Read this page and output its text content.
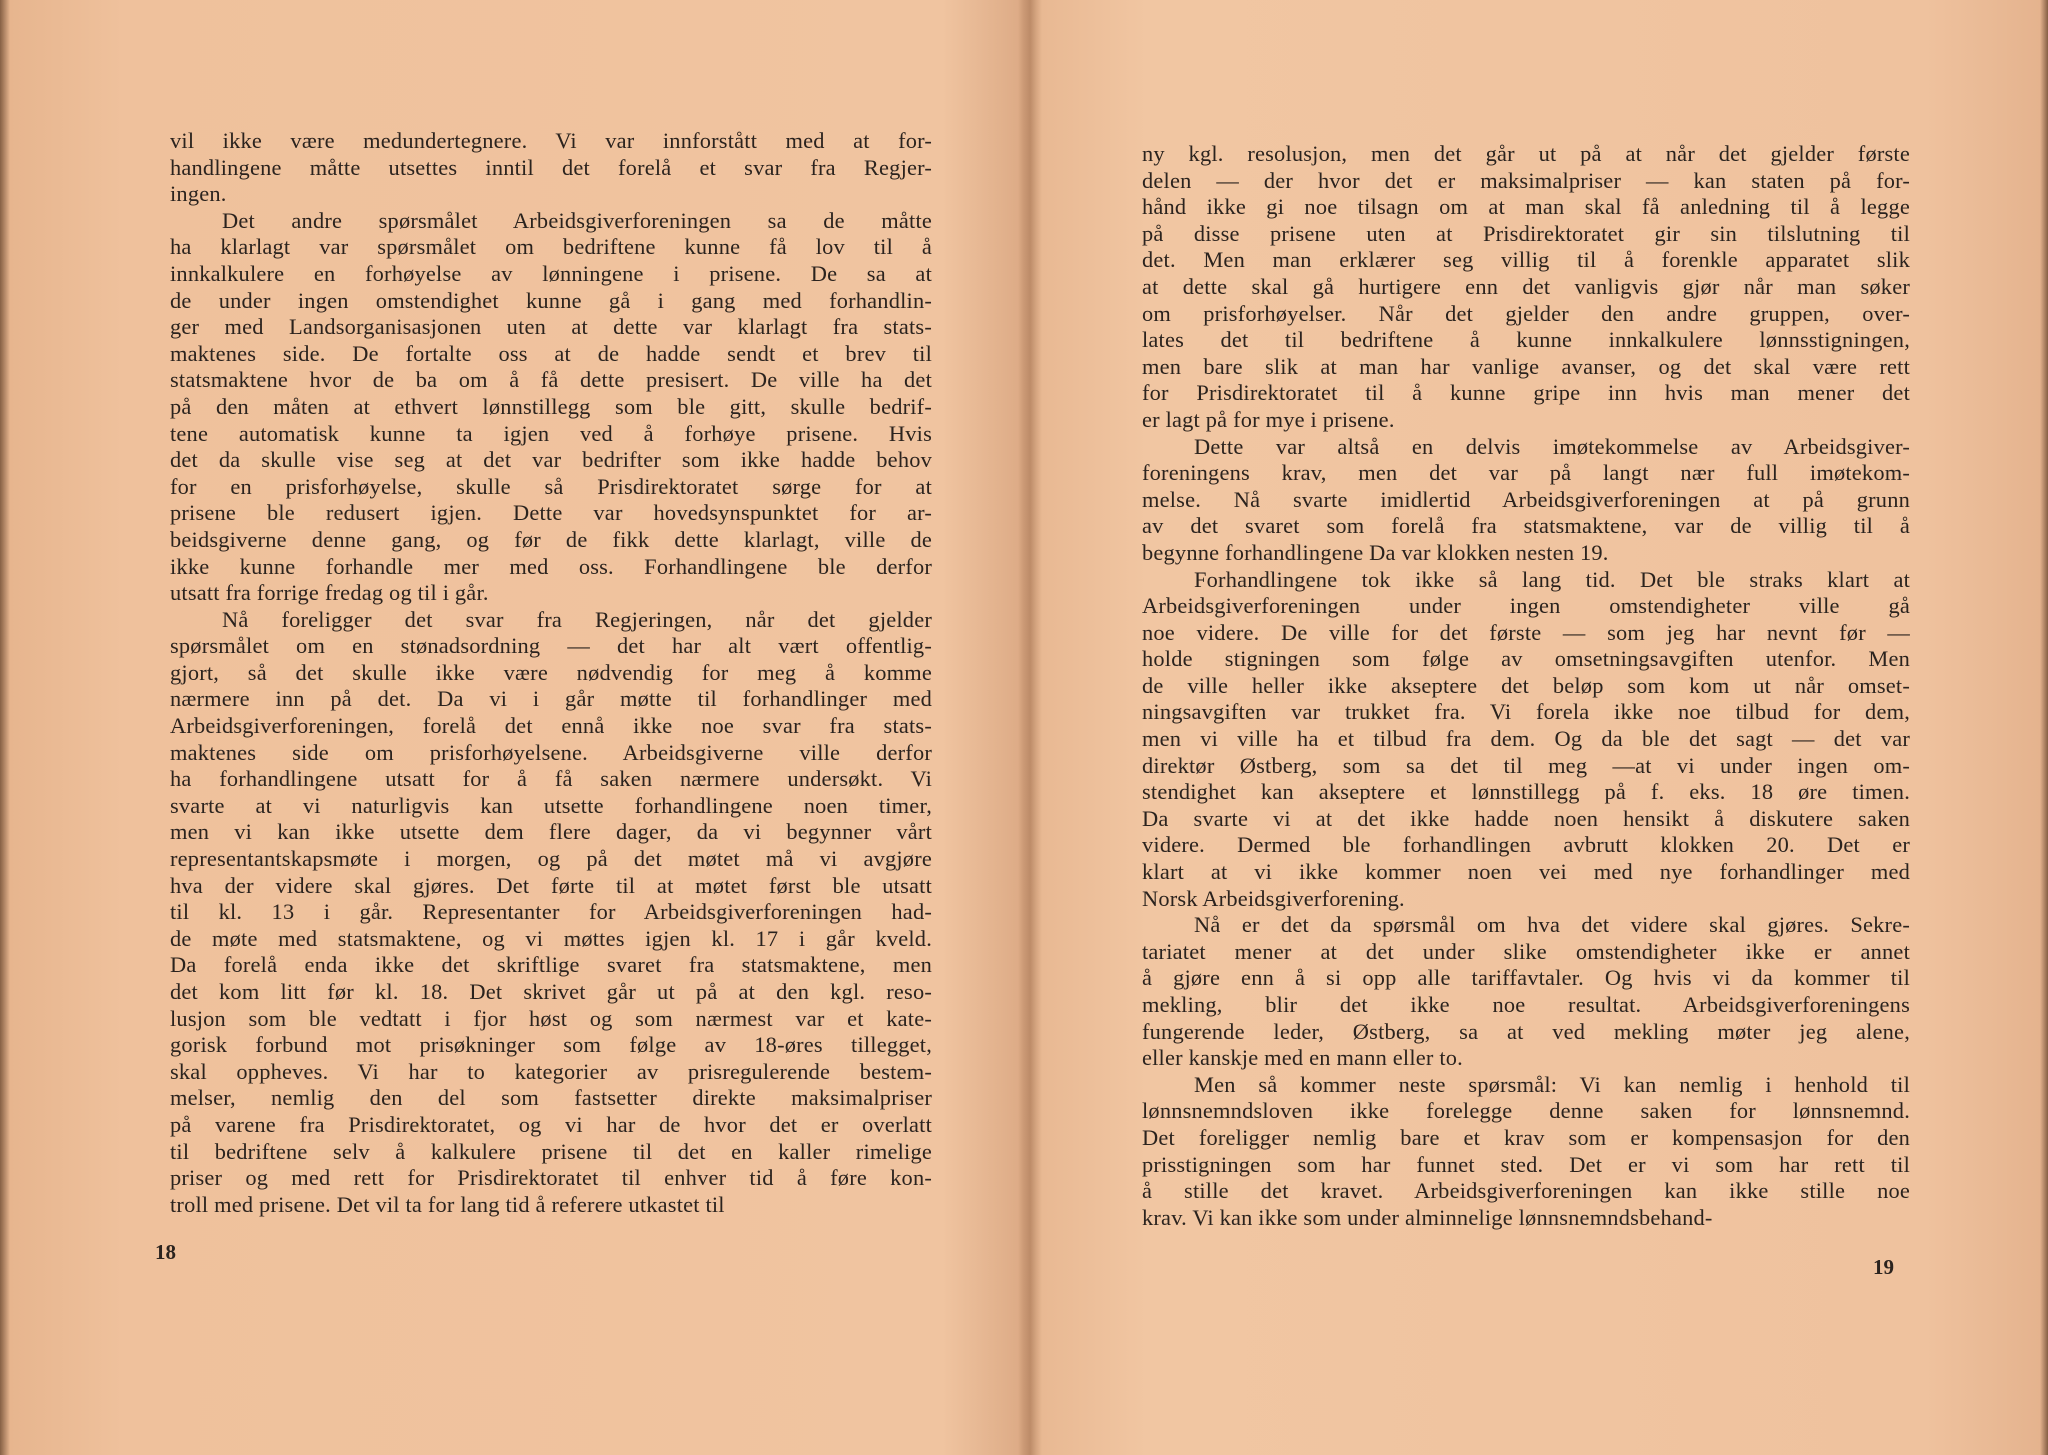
vil ikke være medundertegnere. Vi var innforstått med at for-
handlingene måtte utsettes inntil det forelå et svar fra Regjer-
ingen.
Det andre spørsmålet Arbeidsgiverforeningen sa de måtte
ha klarlagt var spørsmålet om bedriftene kunne få lov til å
innkalkulere en forhøyelse av lønningene i prisene. De sa at
de under ingen omstendighet kunne gå i gang med forhandlin-
ger med Landsorganisasjonen uten at dette var klarlagt fra stats-
maktenes side. De fortalte oss at de hadde sendt et brev til
statsmaktene hvor de ba om å få dette presisert. De ville ha det
på den måten at ethvert lønnstillegg som ble gitt, skulle bedrif-
tene automatisk kunne ta igjen ved å forhøye prisene. Hvis
det da skulle vise seg at det var bedrifter som ikke hadde behov
for en prisforhøyelse, skulle så Prisdirektoratet sørge for at
prisene ble redusert igjen. Dette var hovedsynspunktet for ar-
beidsgiverne denne gang, og før de fikk dette klarlagt, ville de
ikke kunne forhandle mer med oss. Forhandlingene ble derfor
utsatt fra forrige fredag og til i går.
Nå foreligger det svar fra Regjeringen, når det gjelder
spørsmålet om en stønadsordning — det har alt vært offentlig-
gjort, så det skulle ikke være nødvendig for meg å komme
nærmere inn på det. Da vi i går møtte til forhandlinger med
Arbeidsgiverforeningen, forelå det ennå ikke noe svar fra stats-
maktenes side om prisforhøyelsene. Arbeidsgiverne ville derfor
ha forhandlingene utsatt for å få saken nærmere undersøkt. Vi
svarte at vi naturligvis kan utsette forhandlingene noen timer,
men vi kan ikke utsette dem flere dager, da vi begynner vårt
representantskapsmøte i morgen, og på det møtet må vi avgjøre
hva der videre skal gjøres. Det førte til at møtet først ble utsatt
til kl. 13 i går. Representanter for Arbeidsgiverforeningen had-
de møte med statsmaktene, og vi møttes igjen kl. 17 i går kveld.
Da forelå enda ikke det skriftlige svaret fra statsmaktene, men
det kom litt før kl. 18. Det skrivet går ut på at den kgl. reso-
lusjon som ble vedtatt i fjor høst og som nærmest var et kate-
gorisk forbund mot prisøkninger som følge av 18-øres tillegget,
skal oppheves. Vi har to kategorier av prisregulerende bestem-
melser, nemlig den del som fastsetter direkte maksimalpriser
på varene fra Prisdirektoratet, og vi har de hvor det er overlatt
til bedriftene selv å kalkulere prisene til det en kaller rimelige
priser og med rett for Prisdirektoratet til enhver tid å føre kon-
troll med prisene. Det vil ta for lang tid å referere utkastet til
18
ny kgl. resolusjon, men det går ut på at når det gjelder første
delen — der hvor det er maksimalpriser — kan staten på for-
hånd ikke gi noe tilsagn om at man skal få anledning til å legge
på disse prisene uten at Prisdirektoratet gir sin tilslutning til
det. Men man erklærer seg villig til å forenkle apparatet slik
at dette skal gå hurtigere enn det vanligvis gjør når man søker
om prisforhøyelser. Når det gjelder den andre gruppen, over-
lates det til bedriftene å kunne innkalkulere lønnsstigningen,
men bare slik at man har vanlige avanser, og det skal være rett
for Prisdirektoratet til å kunne gripe inn hvis man mener det
er lagt på for mye i prisene.
Dette var altså en delvis imøtekommelse av Arbeidsgiver-
foreningens krav, men det var på langt nær full imøtekom-
melse. Nå svarte imidlertid Arbeidsgiverforeningen at på grunn
av det svaret som forelå fra statsmaktene, var de villig til å
begynne forhandlingene Da var klokken nesten 19.
Forhandlingene tok ikke så lang tid. Det ble straks klart at
Arbeidsgiverforeningen under ingen omstendigheter ville gå
noe videre. De ville for det første — som jeg har nevnt før —
holde stigningen som følge av omsetningsavgiften utenfor. Men
de ville heller ikke akseptere det beløp som kom ut når omset-
ningsavgiften var trukket fra. Vi forela ikke noe tilbud for dem,
men vi ville ha et tilbud fra dem. Og da ble det sagt — det var
direktør Østberg, som sa det til meg —at vi under ingen om-
stendighet kan akseptere et lønnstillegg på f. eks. 18 øre timen.
Da svarte vi at det ikke hadde noen hensikt å diskutere saken
videre. Dermed ble forhandlingen avbrutt klokken 20. Det er
klart at vi ikke kommer noen vei med nye forhandlinger med
Norsk Arbeidsgiverforening.
Nå er det da spørsmål om hva det videre skal gjøres. Sekre-
tariatet mener at det under slike omstendigheter ikke er annet
å gjøre enn å si opp alle tariffavtaler. Og hvis vi da kommer til
mekling, blir det ikke noe resultat. Arbeidsgiverforeningens
fungerende leder, Østberg, sa at ved mekling møter jeg alene,
eller kanskje med en mann eller to.
Men så kommer neste spørsmål: Vi kan nemlig i henhold til
lønnsnemndsloven ikke forelegge denne saken for lønnsnemnd.
Det foreligger nemlig bare et krav som er kompensasjon for den
prisstigningen som har funnet sted. Det er vi som har rett til
å stille det kravet. Arbeidsgiverforeningen kan ikke stille noe
krav. Vi kan ikke som under alminnelige lønnsnemndsbehand-
19
